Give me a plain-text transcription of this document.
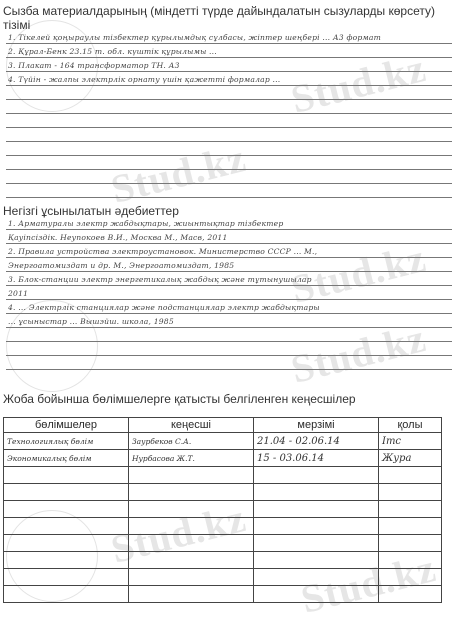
Stud.kz
Stud.kz
Stud.kz
Stud.kz
Stud.kz
Stud.kz
Сызба материалдарының (міндетті түрде дайындалатын сызуларды көрсету)
тізімі
1. Тікелей қоңыраулы тізбектер құрылымдық сұлбасы, жіптер шеңбері ... А3 формат
2. Құрал-Бенк 23.15 т. обл. күштік құрылымы ...
3. Плакат - 164 трансформатор ТН. А3
4. Түйін - жалпы электрлік орнату үшін қажетті формалар ...
Негізгі ұсынылатын әдебиеттер
1. Арматуралы электр жабдықтары, жиынтықтар тізбектер
Қауіпсіздік. Неупокоев В.И., Москва М., Масв, 2011
2. Правила устройства электроустановок. Министерство СССР ... М.,
Энергоатомиздат и др. М., Энергоатомиздат, 1985
3. Блок-станции электр энергетикалық жабдық және тұтынушылар
2011
4. ... Электрлік станциялар және подстанциялар электр жабдықтары
... ұсыныстар ... Вышэйш. школа, 1985
Жоба бойынша бөлімшелерге қатысты белгіленген кеңесшілер
бөлімшелер	кеңесші	мерзімі	қолы
Технологиялық бөлім	Заурбеков С.А.	21.04 - 02.06.14	Imc
Экономикалық бөлім	Нурбасова Ж.Т.	15 - 03.06.14	Жура
